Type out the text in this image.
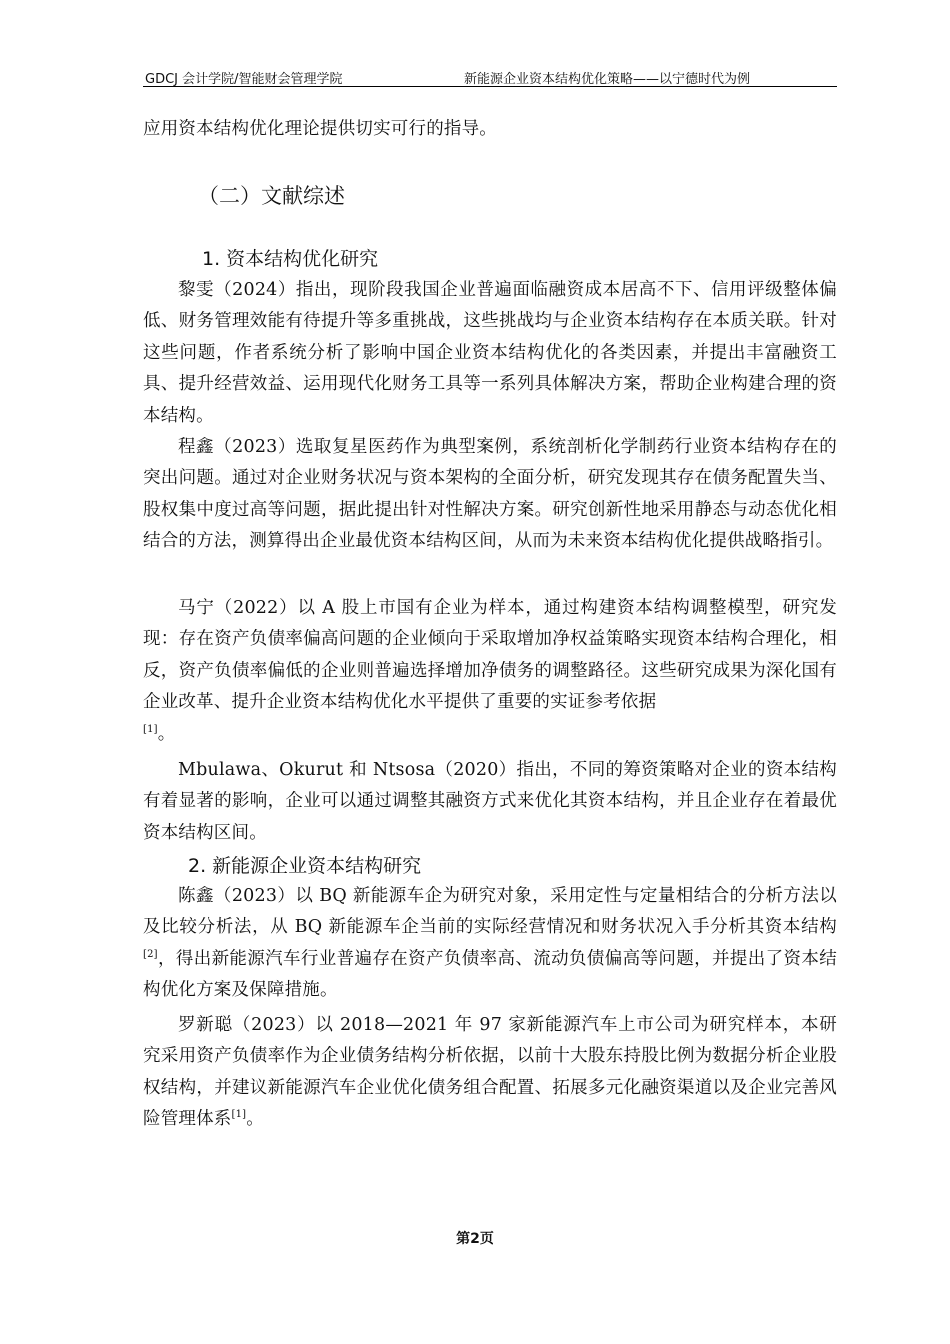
GDCJ 会计学院/智能财会管理学院	新能源企业资本结构优化策略——以宁德时代为例
应用资本结构优化理论提供切实可行的指导。
（二）文献综述
1. 资本结构优化研究
黎雯（2024）指出，现阶段我国企业普遍面临融资成本居高不下、信用评级整体偏低、财务管理效能有待提升等多重挑战，这些挑战均与企业资本结构存在本质关联。针对这些问题，作者系统分析了影响中国企业资本结构优化的各类因素，并提出丰富融资工具、提升经营效益、运用现代化财务工具等一系列具体解决方案，帮助企业构建合理的资本结构。
程鑫（2023）选取复星医药作为典型案例，系统剖析化学制药行业资本结构存在的突出问题。通过对企业财务状况与资本架构的全面分析，研究发现其存在债务配置失当、股权集中度过高等问题，据此提出针对性解决方案。研究创新性地采用静态与动态优化相结合的方法，测算得出企业最优资本结构区间，从而为未来资本结构优化提供战略指引。
马宁（2022）以 A 股上市国有企业为样本，通过构建资本结构调整模型，研究发现：存在资产负债率偏高问题的企业倾向于采取增加净权益策略实现资本结构合理化，相反，资产负债率偏低的企业则普遍选择增加净债务的调整路径。这些研究成果为深化国有企业改革、提升企业资本结构优化水平提供了重要的实证参考依据
[1]。
Mbulawa、Okurut 和 Ntsosa（2020）指出，不同的筹资策略对企业的资本结构有着显著的影响，企业可以通过调整其融资方式来优化其资本结构，并且企业存在着最优资本结构区间。
2. 新能源企业资本结构研究
陈鑫（2023）以 BQ 新能源车企为研究对象，采用定性与定量相结合的分析方法以及比较分析法，从 BQ 新能源车企当前的实际经营情况和财务状况入手分析其资本结构[2]，得出新能源汽车行业普遍存在资产负债率高、流动负债偏高等问题，并提出了资本结构优化方案及保障措施。
罗新聪（2023）以 2018—2021 年 97 家新能源汽车上市公司为研究样本，本研究采用资产负债率作为企业债务结构分析依据，以前十大股东持股比例为数据分析企业股权结构，并建议新能源汽车企业优化债务组合配置、拓展多元化融资渠道以及企业完善风险管理体系[1]。
第2页
